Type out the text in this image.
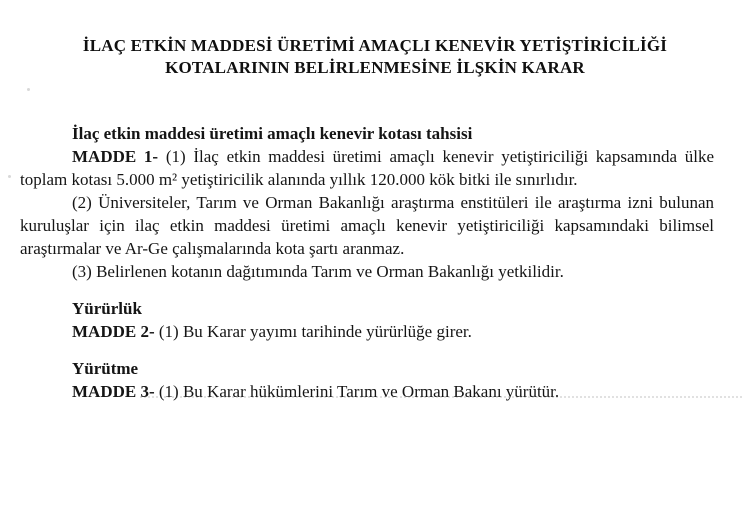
İLAÇ ETKİN MADDESİ ÜRETİMİ AMAÇLI KENEVİR YETİŞTİRİCİLİĞİ
KOTALARININ BELİRLENMESİNE İLŞKİN KARAR

İlaç etkin maddesi üretimi amaçlı kenevir kotası tahsisi

MADDE 1- (1) İlaç etkin maddesi üretimi amaçlı kenevir yetiştiriciliği kapsamında ülke toplam kotası 5.000 m² yetiştiricilik alanında yıllık 120.000 kök bitki ile sınırlıdır.

(2) Üniversiteler, Tarım ve Orman Bakanlığı araştırma enstitüleri ile araştırma izni bulunan kuruluşlar için ilaç etkin maddesi üretimi amaçlı kenevir yetiştiriciliği kapsamındaki bilimsel araştırmalar ve Ar-Ge çalışmalarında kota şartı aranmaz.

(3) Belirlenen kotanın dağıtımında Tarım ve Orman Bakanlığı yetkilidir.

Yürürlük

MADDE 2- (1) Bu Karar yayımı tarihinde yürürlüğe girer.

Yürütme

MADDE 3- (1) Bu Karar hükümlerini Tarım ve Orman Bakanı yürütür.
